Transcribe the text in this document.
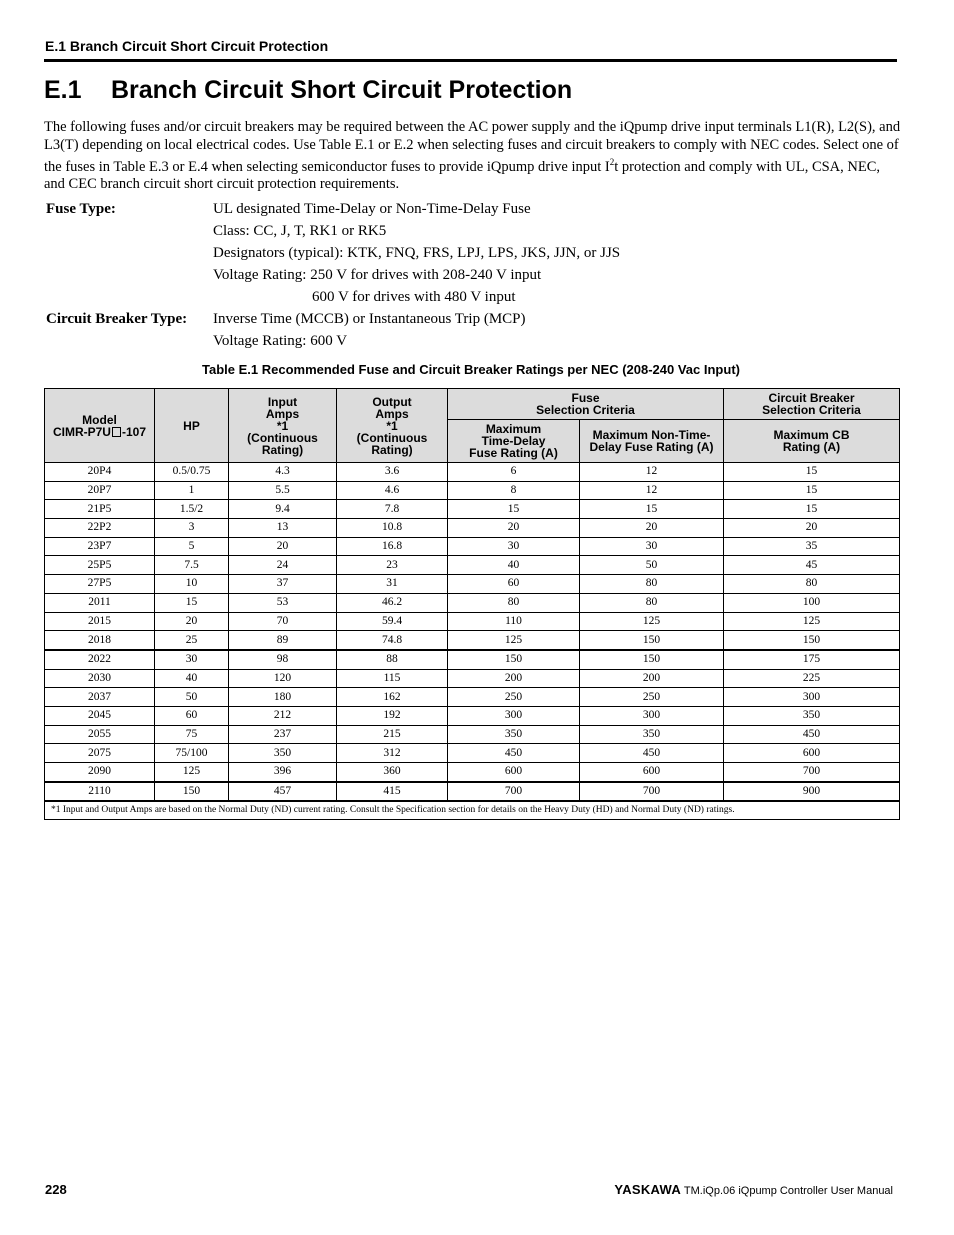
E.1 Branch Circuit Short Circuit Protection
E.1 Branch Circuit Short Circuit Protection

The following fuses and/or circuit breakers may be required between the AC power supply and the iQpump drive input terminals L1(R), L2(S), and L3(T) depending on local electrical codes. Use Table E.1 or E.2 when selecting fuses and circuit breakers to comply with NEC codes. Select one of the fuses in Table E.3 or E.4 when selecting semiconductor fuses to provide iQpump drive input $I^2t$ protection and comply with UL, CSA, NEC, and CEC branch circuit short circuit protection requirements.

Fuse Type:	UL designated Time-Delay or Non-Time-Delay Fuse
Class: CC, J, T, RK1 or RK5
Designators (typical): KTK, FNQ, FRS, LPJ, LPS, JKS, JJN, or JJS
Voltage Rating: 250 V for drives with 208-240 V input
600 V for drives with 480 V input
Circuit Breaker Type: Inverse Time (MCCB) or Instantaneous Trip (MCP)
Voltage Rating: 600 V
Table E.1 Recommended Fuse and Circuit Breaker Ratings per NEC (208-240 Vac Input)
Model
CIMR-P7U -107	HP	Input
Amps
*1
(Continuous
Rating)	Output
Amps
*1
(Continuous
Rating)	Fuse
Selection Criteria		Circuit Breaker
Selection Criteria

				Maximum
Time-Delay
Fuse Rating (A)	Maximum Non-Time-
Delay Fuse Rating (A)	Maximum CB
Rating (A)

20P4	0.5/0.75	4.3	3.6	6	12	15
20P7	1	5.5	4.6	8	12	15
21P5	1.5/2	9.4	7.8	15	15	15
22P2	3	13	10.8	20	20	20
23P7	5	20	16.8	30	30	35
25P5	7.5	24	23	40	50	45
27P5	10	37	31	60	80	80
2011	15	53	46.2	80	80	100
2015	20	70	59.4	110	125	125
2018	25	89	74.8	125	150	150
2022	30	98	88	150	150	175
2030	40	120	115	200	200	225
2037	50	180	162	250	250	300
2045	60	212	192	300	300	350
2055	75	237	215	350	350	450
2075	75/100	350	312	450	450	600
2090	125	396	360	600	600	700
2110	150	457	415	700	700	900
*1 Input and Output Amps are based on the Normal Duty (ND) current rating. Consult the Specification section for details on the Heavy Duty (HD) and Normal Duty (ND) ratings.						
228	YASKAWA TM.iQp.06 iQpump Controller User Manual
